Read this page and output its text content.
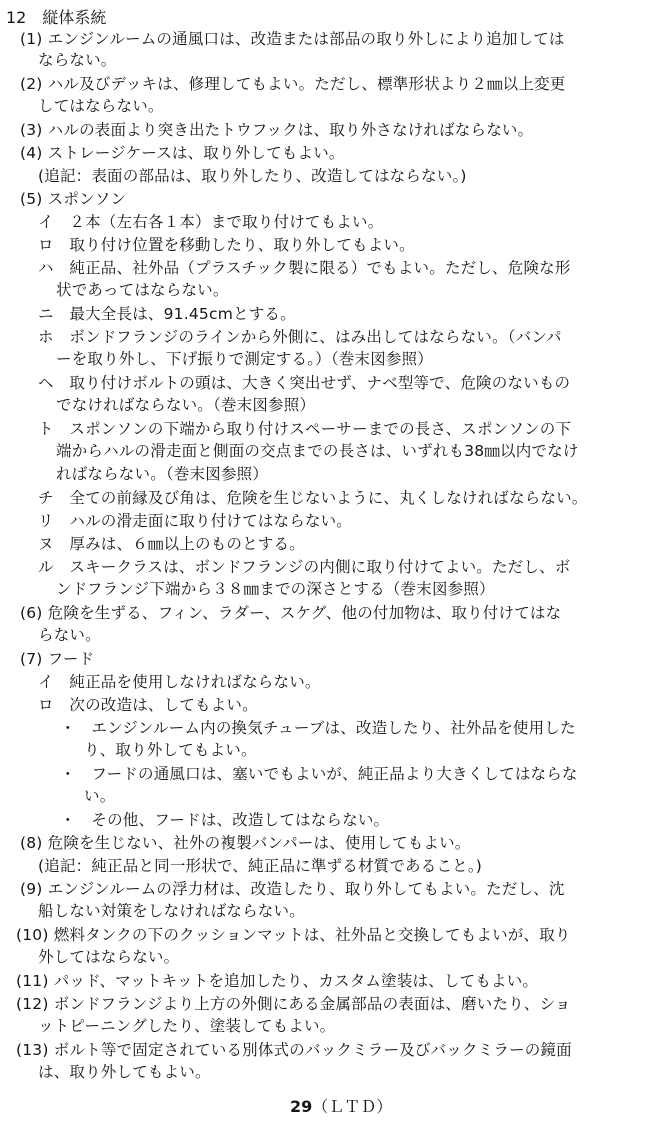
12　縦体系統
(1) エンジンルームの通風口は、改造または部品の取り外しにより追加しては
ならない。
(2) ハル及びデッキは、修理してもよい。ただし、標準形状より２㎜以上変更
してはならない。
(3) ハルの表面より突き出たトウフックは、取り外さなければならない。
(4) ストレージケースは、取り外してもよい。
(追記：表面の部品は、取り外したり、改造してはならない。)
(5) スポンソン
イ　２本（左右各１本）まで取り付けてもよい。
ロ　取り付け位置を移動したり、取り外してもよい。
ハ　純正品、社外品（プラスチック製に限る）でもよい。ただし、危険な形
状であってはならない。
ニ　最大全長は、91.45cmとする。
ホ　ボンドフランジのラインから外側に、はみ出してはならない。（バンパ
ーを取り外し、下げ振りで測定する。）（巻末図参照）
ヘ　取り付けボルトの頭は、大きく突出せず、ナベ型等で、危険のないもの
でなければならない。（巻末図参照）
ト　スポンソンの下端から取り付けスペーサーまでの長さ、スポンソンの下
端からハルの滑走面と側面の交点までの長さは、いずれも38㎜以内でなけ
ればならない。（巻末図参照）
チ　全ての前縁及び角は、危険を生じないように、丸くしなければならない。
リ　ハルの滑走面に取り付けてはならない。
ヌ　厚みは、６㎜以上のものとする。
ル　スキークラスは、ボンドフランジの内側に取り付けてよい。ただし、ボ
ンドフランジ下端から３８㎜までの深さとする（巻末図参照）
(6) 危険を生ずる、フィン、ラダー、スケグ、他の付加物は、取り付けてはな
らない。
(7) フード
イ　純正品を使用しなければならない。
ロ　次の改造は、してもよい。
・　エンジンルーム内の換気チューブは、改造したり、社外品を使用した
り、取り外してもよい。
・　フードの通風口は、塞いでもよいが、純正品より大きくしてはならな
い。
・　その他、フードは、改造してはならない。
(8) 危険を生じない、社外の複製バンパーは、使用してもよい。
(追記：純正品と同一形状で、純正品に準ずる材質であること。)
(9) エンジンルームの浮力材は、改造したり、取り外してもよい。ただし、沈
船しない対策をしなければならない。
(10) 燃料タンクの下のクッションマットは、社外品と交換してもよいが、取り
外してはならない。
(11) パッド、マットキットを追加したり、カスタム塗装は、してもよい。
(12) ボンドフランジより上方の外側にある金属部品の表面は、磨いたり、ショ
ットピーニングしたり、塗装してもよい。
(13) ボルト等で固定されている別体式のバックミラー及びバックミラーの鏡面
は、取り外してもよい。
29（ＬＴＤ）
